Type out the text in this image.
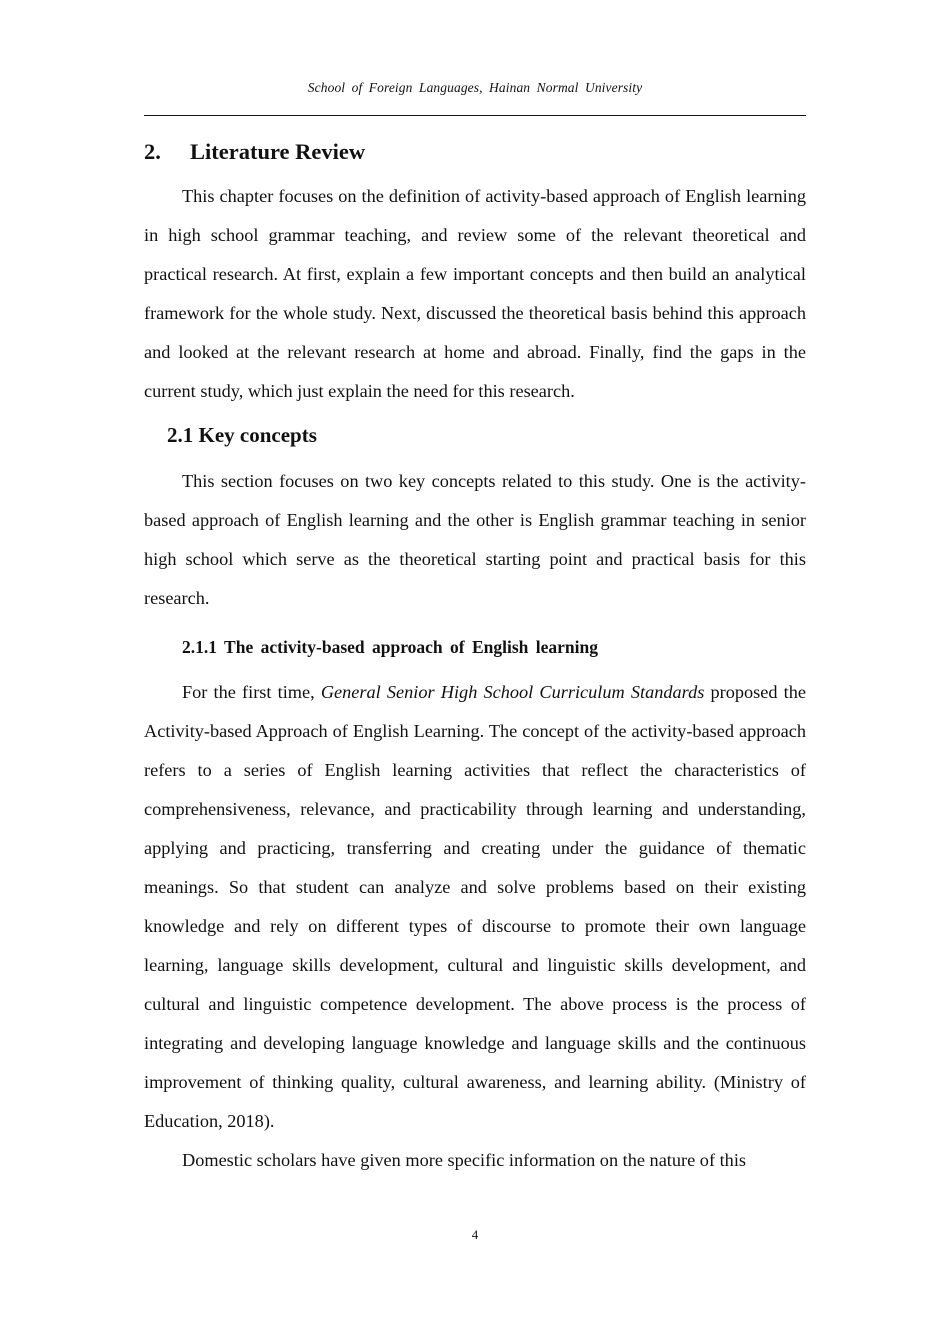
School of Foreign Languages, Hainan Normal University
2. Literature Review

This chapter focuses on the definition of activity-based approach of English learning in high school grammar teaching, and review some of the relevant theoretical and practical research. At first, explain a few important concepts and then build an analytical framework for the whole study. Next, discussed the theoretical basis behind this approach and looked at the relevant research at home and abroad. Finally, find the gaps in the current study, which just explain the need for this research.

2.1 Key concepts

This section focuses on two key concepts related to this study. One is the activity-based approach of English learning and the other is English grammar teaching in senior high school which serve as the theoretical starting point and practical basis for this research.

2.1.1 The activity-based approach of English learning

For the first time, General Senior High School Curriculum Standards proposed the Activity-based Approach of English Learning. The concept of the activity-based approach refers to a series of English learning activities that reflect the characteristics of comprehensiveness, relevance, and practicability through learning and understanding, applying and practicing, transferring and creating under the guidance of thematic meanings. So that student can analyze and solve problems based on their existing knowledge and rely on different types of discourse to promote their own language learning, language skills development, cultural and linguistic skills development, and cultural and linguistic competence development. The above process is the process of integrating and developing language knowledge and language skills and the continuous improvement of thinking quality, cultural awareness, and learning ability. (Ministry of Education, 2018).

Domestic scholars have given more specific information on the nature of this

4
